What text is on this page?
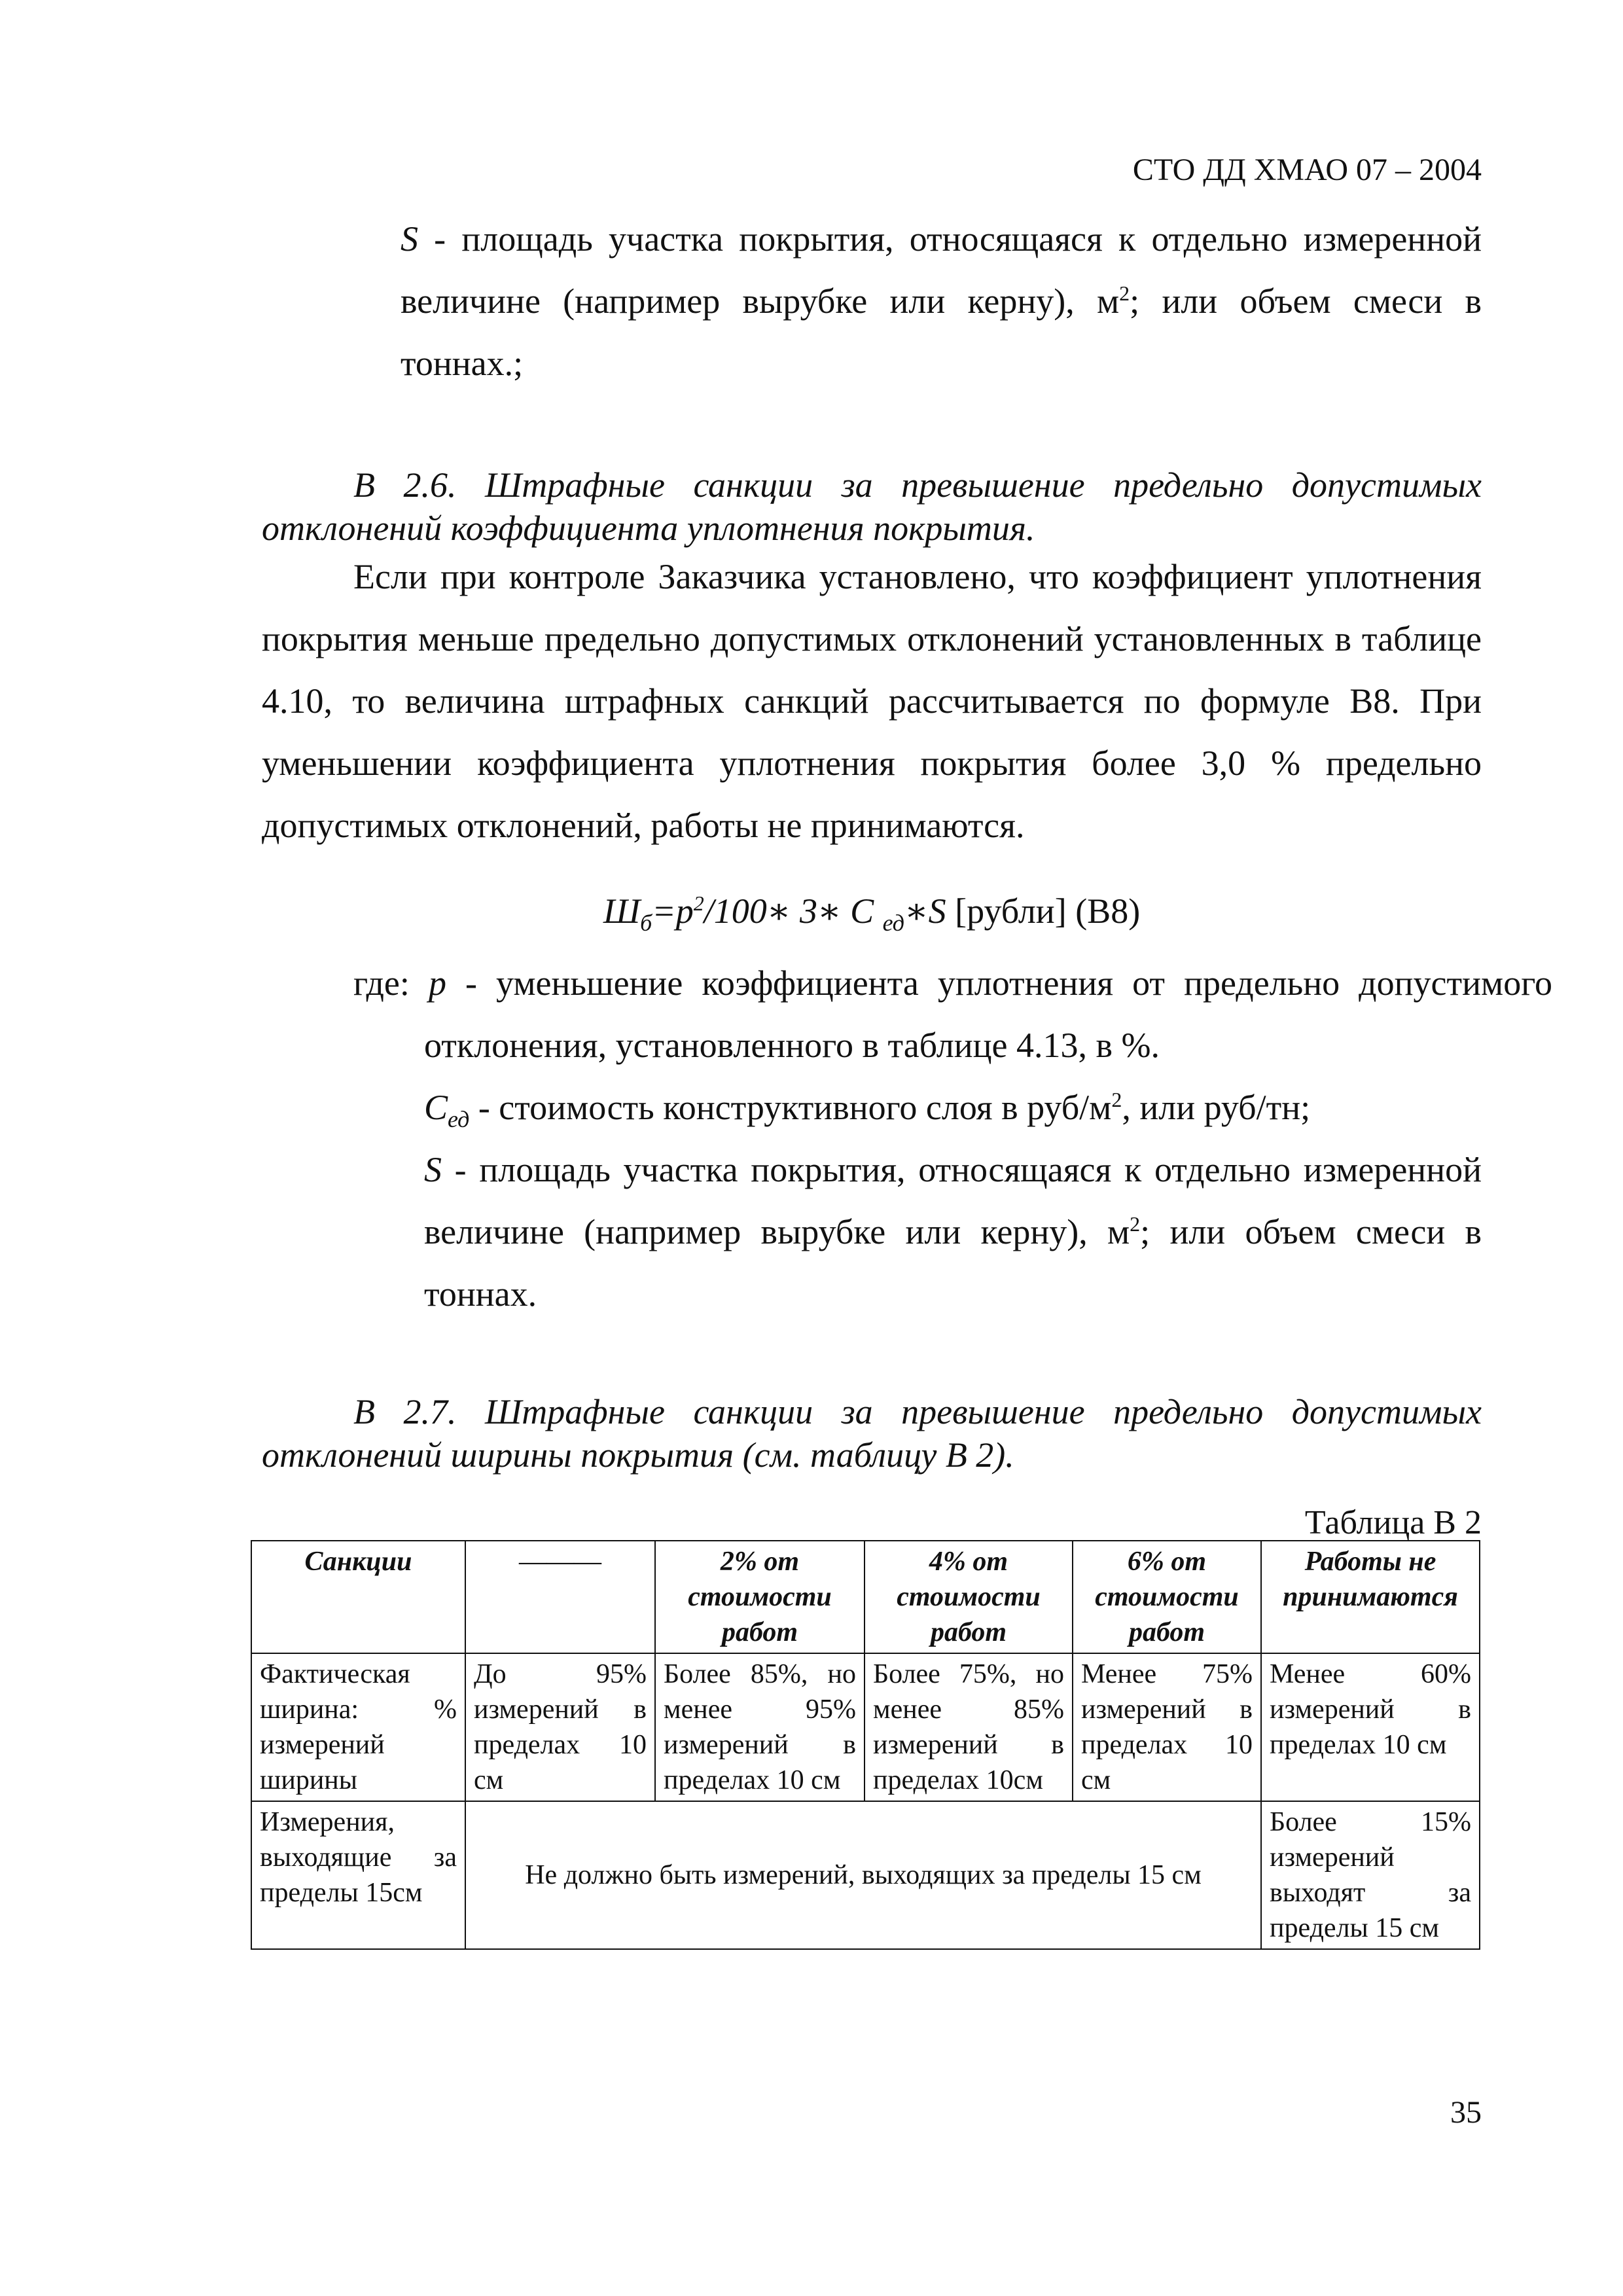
СТО ДД ХМАО 07 – 2004
S - площадь участка покрытия, относящаяся к отдельно измеренной величине (например вырубке или керну), $м^2$; или объем смеси в тоннах.;
В 2.6. Штрафные санкции за превышение предельно допустимых отклонений коэффициента уплотнения покрытия.
Если при контроле Заказчика установлено, что коэффициент уплотнения покрытия меньше предельно допустимых отклонений установленных в таблице 4.10, то величина штрафных санкций рассчитывается по формуле В8. При уменьшении коэффициента уплотнения покрытия более 3,0 % предельно допустимых отклонений, работы не принимаются.
$Ш_б=p^2/100∗$ 3∗ С $_{ед}$∗S [рубли] (В8)
где: р - уменьшение коэффициента уплотнения от предельно допустимого отклонения, установленного в таблице 4.13, в %.
$С_{ед}$ - стоимость конструктивного слоя в руб/$м^2$, или руб/тн;
S - площадь участка покрытия, относящаяся к отдельно измеренной величине (например вырубке или керну), $м^2$; или объем смеси в тоннах.
В 2.7. Штрафные санкции за превышение предельно допустимых отклонений ширины покрытия (см. таблицу В 2).
Таблица В 2
Санкции	———	2% от стоимости работ	4% от стоимости работ	6% от стоимости работ	Работы не принимаются
Фактическая ширина: % измерений ширины	До 95% измерений в пределах 10 см	Более 85%, но менее 95% измерений в пределах 10 см	Более 75%, но менее 85% измерений в пределах 10см	Менее 75% измерений в пределах 10 см	Менее 60% измерений в пределах 10 см
Измерения, выходящие за пределы 15см	Не должно быть измерений, выходящих за пределы 15 см				Более 15% измерений выходят за пределы 15 см
35
